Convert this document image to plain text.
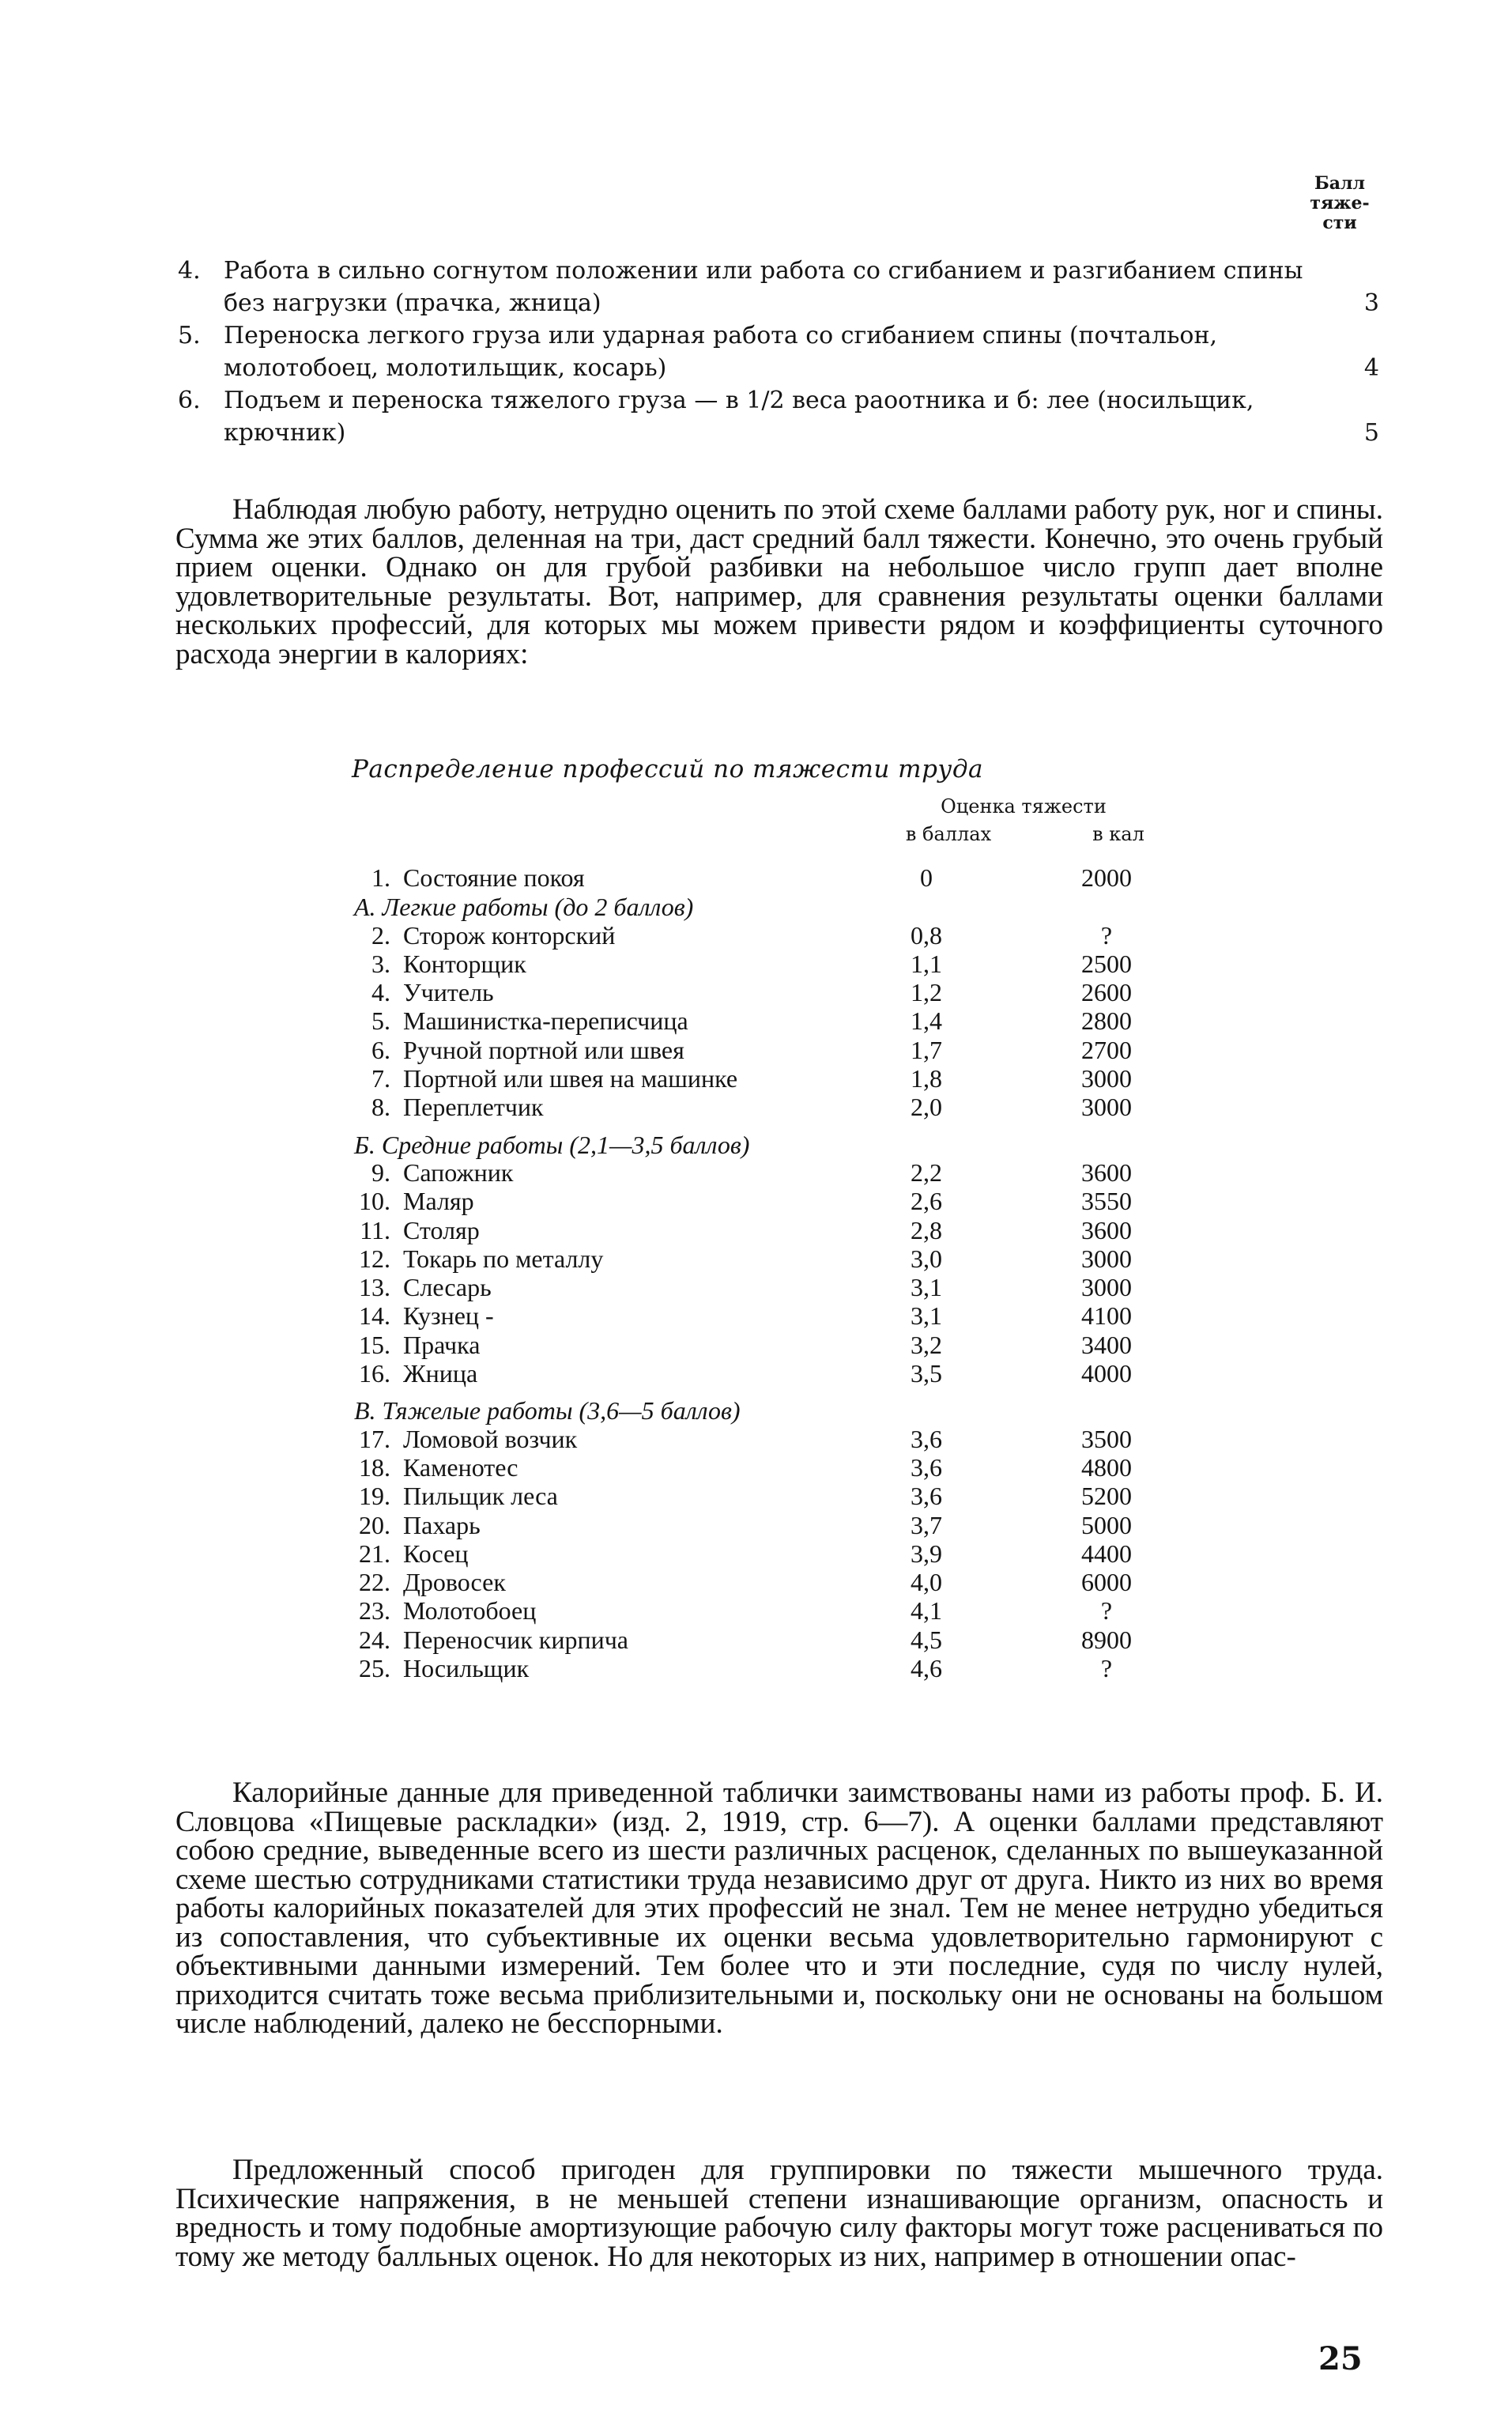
Балл
тяже-
сти
4. Работа в сильно согнутом положении или работа со сгибанием и разгибанием спины без нагрузки (прачка, жница)	3
5. Переноска легкого груза или ударная работа со сгибанием спины (почтальон, молотобоец, молотильщик, косарь)	4
6. Подъем и переноска тяжелого груза — в 1/2 веса раоотника и б: лее (носильщик, крючник)	5

Наблюдая любую работу, нетрудно оценить по этой схеме баллами работу рук, ног и спины. Сумма же этих баллов, деленная на три, даст средний балл тяжести. Конечно, это очень грубый прием оценки. Однако он для грубой разбивки на небольшое число групп дает вполне удовлетворительные результаты. Вот, например, для сравнения результаты оценки баллами нескольких профессий, для которых мы можем привести рядом и коэффициенты суточного расхода энергии в калориях:

Распределение профессий по тяжести труда
Оценка тяжести
в баллах	в кал
1. Состояние покоя	0	2000
А. Легкие работы (до 2 баллов)
2. Сторож конторский	0,8	?
3. Конторщик	1,1	2500
4. Учитель	1,2	2600
5. Машинистка-переписчица	1,4	2800
6. Ручной портной или швея	1,7	2700
7. Портной или швея на машинке	1,8	3000
8. Переплетчик	2,0	3000
Б. Средние работы (2,1—3,5 баллов)
9. Сапожник	2,2	3600
10. Маляр	2,6	3550
11. Столяр	2,8	3600
12. Токарь по металлу	3,0	3000
13. Слесарь	3,1	3000
14. Кузнец -	3,1	4100
15. Прачка	3,2	3400
16. Жница	3,5	4000
В. Тяжелые работы (3,6—5 баллов)
17. Ломовой возчик	3,6	3500
18. Каменотес	3,6	4800
19. Пильщик леса	3,6	5200
20. Пахарь	3,7	5000
21. Косец	3,9	4400
22. Дровосек	4,0	6000
23. Молотобоец	4,1	?
24. Переносчик кирпича	4,5	8900
25. Носильщик	4,6	?

Калорийные данные для приведенной таблички заимствованы нами из работы проф. Б. И. Словцова «Пищевые раскладки» (изд. 2, 1919, стр. 6—7). А оценки баллами представляют собою средние, выведенные всего из шести различных расценок, сделанных по вышеуказанной схеме шестью сотрудниками статистики труда независимо друг от друга. Никто из них во время работы калорийных показателей для этих профессий не знал. Тем не менее нетрудно убедиться из сопоставления, что субъективные их оценки весьма удовлетворительно гармонируют с объективными данными измерений. Тем более что и эти последние, судя по числу нулей, приходится считать тоже весьма приблизительными и, поскольку они не основаны на большом числе наблюдений, далеко не бесспорными.

Предложенный способ пригоден для группировки по тяжести мышечного труда. Психические напряжения, в не меньшей степени изнашивающие организм, опасность и вредность и тому подобные амортизующие рабочую силу факторы могут тоже расцениваться по тому же методу балльных оценок. Но для некоторых из них, например в отношении опас-

25
